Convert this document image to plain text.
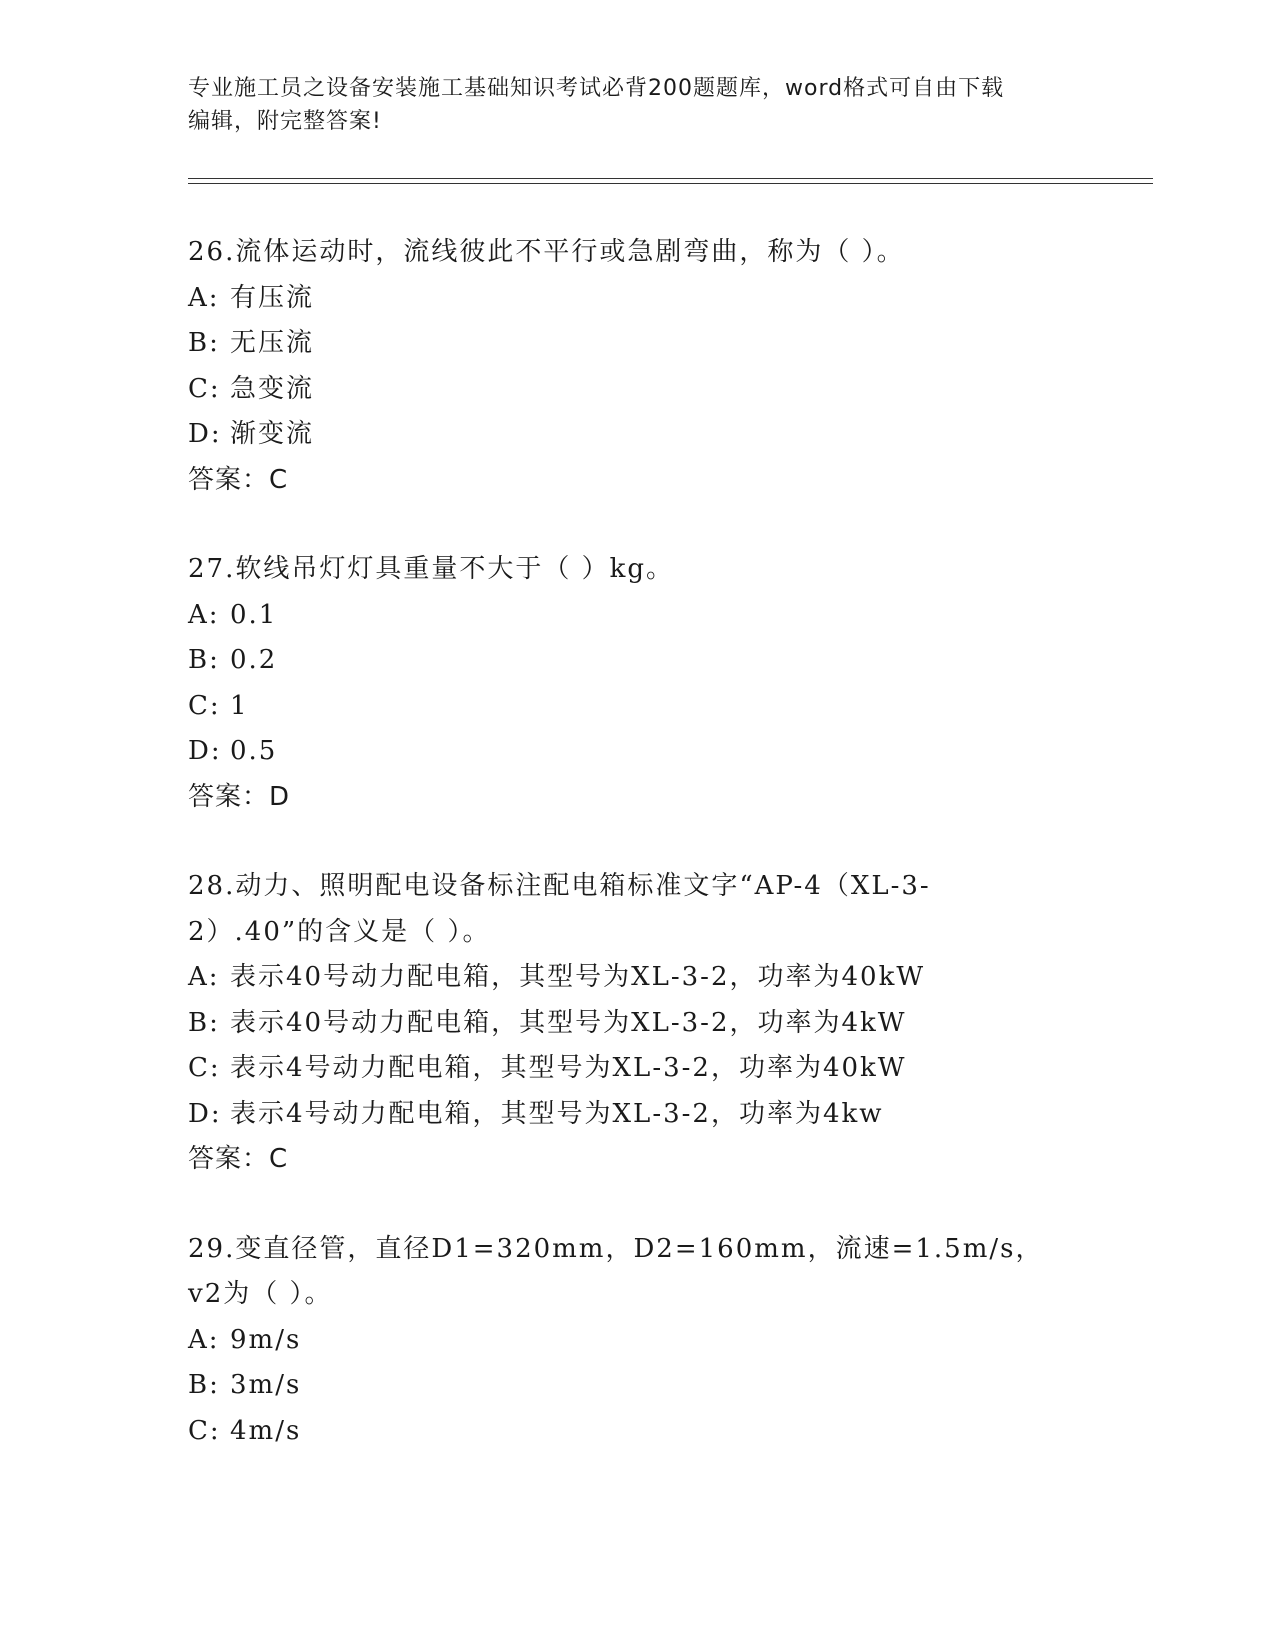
专业施工员之设备安装施工基础知识考试必背200题题库，word格式可自由下载
编辑，附完整答案!
26.流体运动时，流线彼此不平行或急剧弯曲，称为（ ）。
A: 有压流
B: 无压流
C: 急变流
D: 渐变流
答案：C
27.软线吊灯灯具重量不大于（ ）kg。
A: 0.1
B: 0.2
C: 1
D: 0.5
答案：D
28.动力、照明配电设备标注配电箱标准文字“AP-4（XL-3-2）.40”的含义是（ ）。
A: 表示40号动力配电箱，其型号为XL-3-2，功率为40kW
B: 表示40号动力配电箱，其型号为XL-3-2，功率为4kW
C: 表示4号动力配电箱，其型号为XL-3-2，功率为40kW
D: 表示4号动力配电箱，其型号为XL-3-2，功率为4kw
答案：C
29.变直径管，直径D1=320mm，D2=160mm，流速=1.5m/s，v2为（ ）。
A: 9m/s
B: 3m/s
C: 4m/s
